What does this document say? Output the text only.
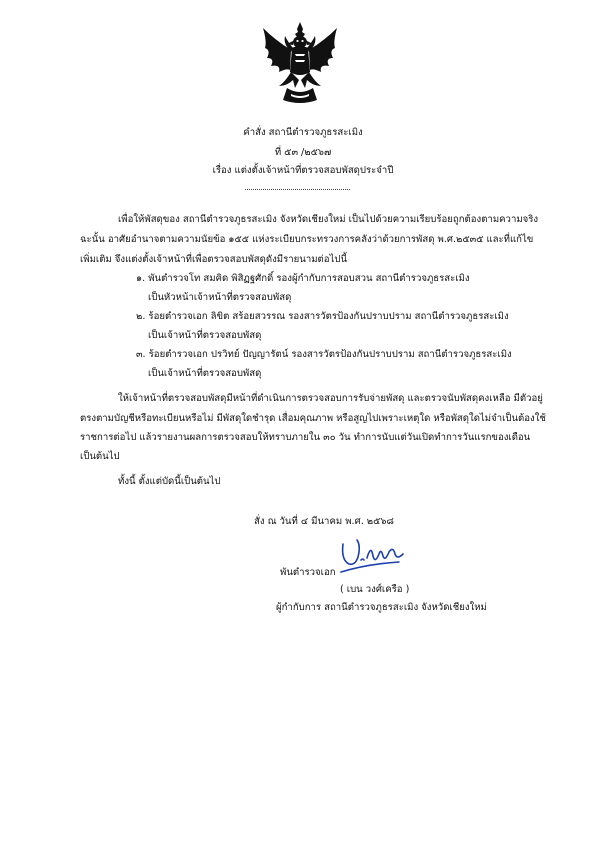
คำสั่ง สถานีตำรวจภูธรสะเมิง
ที่ ๕๓ /๒๕๖๗
เรื่อง แต่งตั้งเจ้าหน้าที่ตรวจสอบพัสดุประจำปี
เพื่อให้พัสดุของ สถานีตำรวจภูธรสะเมิง จังหวัดเชียงใหม่ เป็นไปด้วยความเรียบร้อยถูกต้องตามความจริง
ฉะนั้น อาศัยอำนาจตามความนัยข้อ ๑๕๕ แห่งระเบียบกระทรวงการคลังว่าด้วยการพัสดุ พ.ศ.๒๕๓๕ และที่แก้ไข
เพิ่มเติม จึงแต่งตั้งเจ้าหน้าที่เพื่อตรวจสอบพัสดุดังมีรายนามต่อไปนี้
๑. พันตำรวจโท สมคิด พิสิฏฐศักดิ์ รองผู้กำกับการสอบสวน สถานีตำรวจภูธรสะเมิง
เป็นหัวหน้าเจ้าหน้าที่ตรวจสอบพัสดุ
๒. ร้อยตำรวจเอก ลิขิต สร้อยสวรรณ รองสารวัตรป้องกันปราบปราม สถานีตำรวจภูธรสะเมิง
เป็นเจ้าหน้าที่ตรวจสอบพัสดุ
๓. ร้อยตำรวจเอก ปรวิทย์ ปัญญารัตน์ รองสารวัตรป้องกันปราบปราม สถานีตำรวจภูธรสะเมิง
เป็นเจ้าหน้าที่ตรวจสอบพัสดุ
ให้เจ้าหน้าที่ตรวจสอบพัสดุมีหน้าที่ดำเนินการตรวจสอบการรับจ่ายพัสดุ และตรวจนับพัสดุคงเหลือ มีตัวอยู่
ตรงตามบัญชีหรือทะเบียนหรือไม่ มีพัสดุใดชำรุด เสื่อมคุณภาพ หรือสูญไปเพราะเหตุใด หรือพัสดุใดไม่จำเป็นต้องใช้
ราชการต่อไป แล้วรายงานผลการตรวจสอบให้ทราบภายใน ๓๐ วัน ทำการนับแต่วันเปิดทำการวันแรกของเดือน
เป็นต้นไป
ทั้งนี้ ตั้งแต่บัดนี้เป็นต้นไป
สั่ง ณ วันที่ ๔ มีนาคม พ.ศ. ๒๕๖๘
พันตำรวจเอก
( เบน วงศ์เครือ )
ผู้กำกับการ สถานีตำรวจภูธรสะเมิง จังหวัดเชียงใหม่
